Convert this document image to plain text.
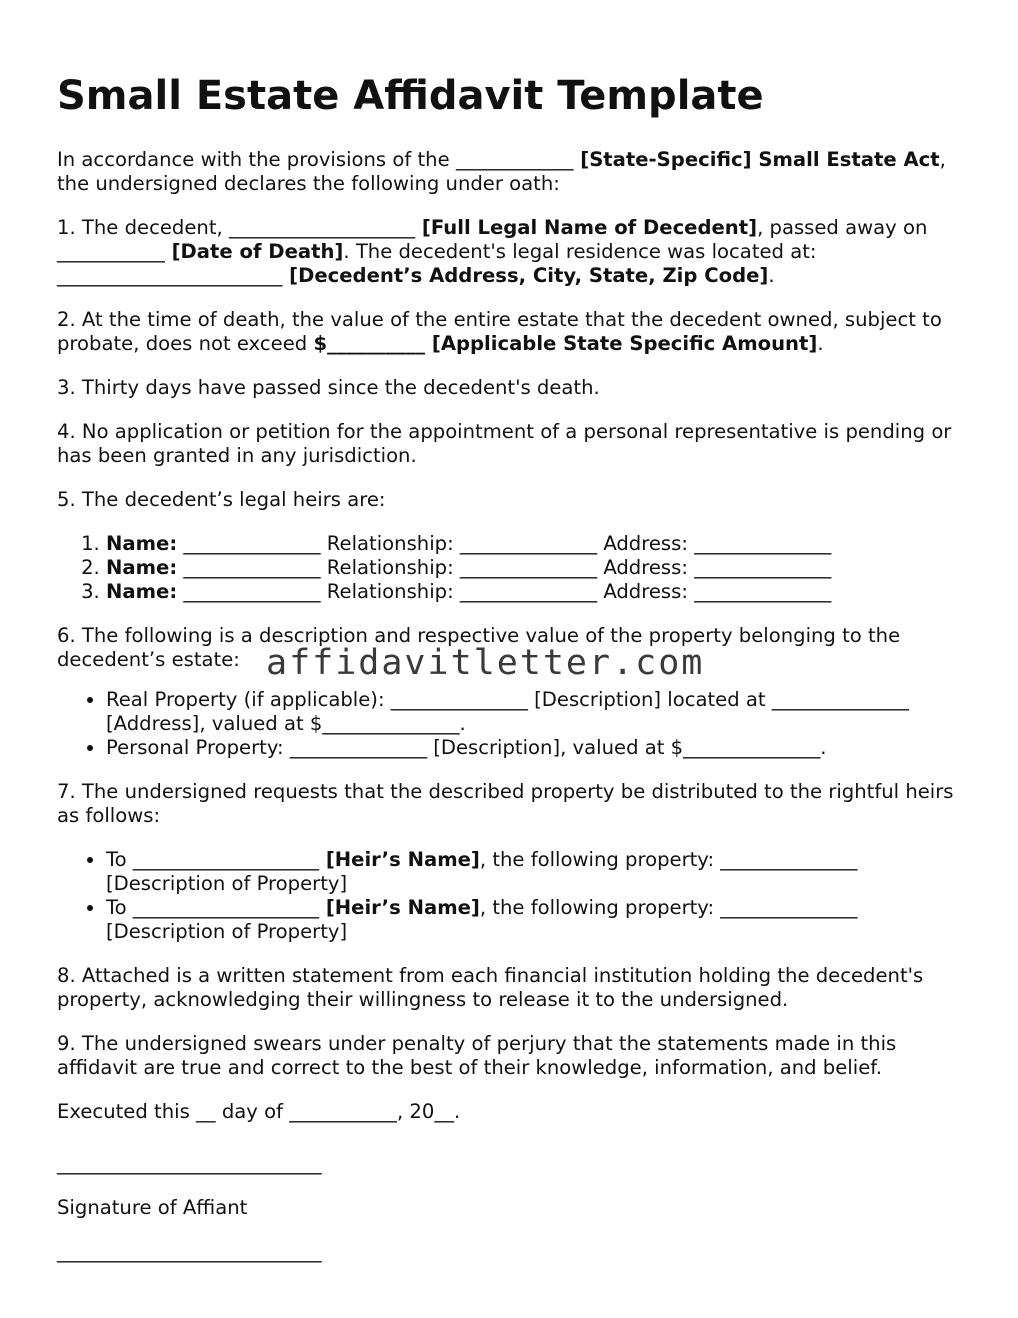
Small Estate Affidavit Template

In accordance with the provisions of the ____________ [State-Specific] Small Estate Act, the undersigned declares the following under oath:

1. The decedent, ___________________ [Full Legal Name of Decedent], passed away on ___________ [Date of Death]. The decedent's legal residence was located at: _______________________ [Decedent’s Address, City, State, Zip Code].

2. At the time of death, the value of the entire estate that the decedent owned, subject to probate, does not exceed $__________ [Applicable State Specific Amount].

3. Thirty days have passed since the decedent's death.

4. No application or petition for the appointment of a personal representative is pending or has been granted in any jurisdiction.

5. The decedent’s legal heirs are:

1. Name: ______________ Relationship: ______________ Address: ______________
2. Name: ______________ Relationship: ______________ Address: ______________
3. Name: ______________ Relationship: ______________ Address: ______________

6. The following is a description and respective value of the property belonging to the decedent’s estate:

• Real Property (if applicable): ______________ [Description] located at ______________ [Address], valued at $______________.
• Personal Property: ______________ [Description], valued at $______________.

7. The undersigned requests that the described property be distributed to the rightful heirs as follows:

• To ___________________ [Heir’s Name], the following property: ______________ [Description of Property]
• To ___________________ [Heir’s Name], the following property: ______________ [Description of Property]

8. Attached is a written statement from each financial institution holding the decedent's property, acknowledging their willingness to release it to the undersigned.

9. The undersigned swears under penalty of perjury that the statements made in this affidavit are true and correct to the best of their knowledge, information, and belief.

Executed this __ day of ___________, 20__.

___________________________

Signature of Affiant

___________________________

affidavitletter.com
